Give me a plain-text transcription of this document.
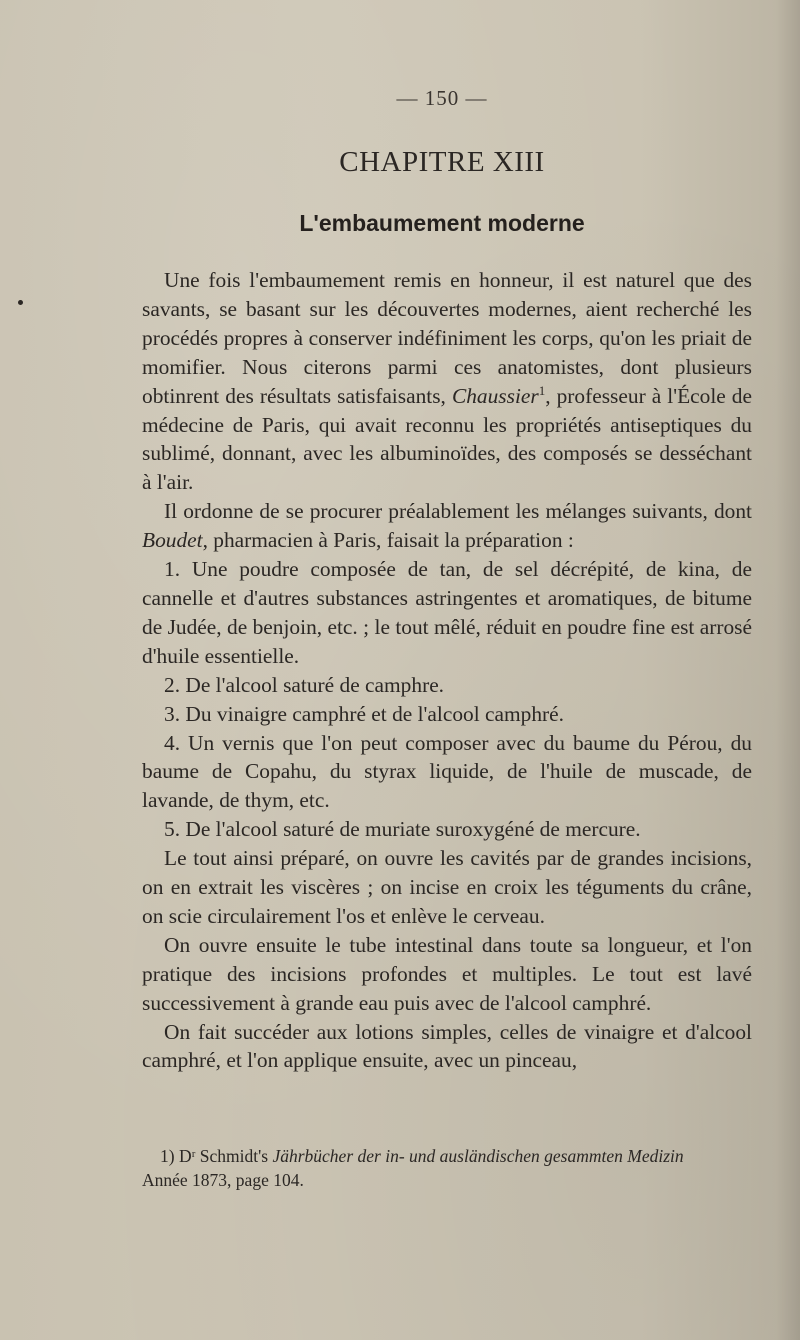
— 150 —
CHAPITRE XIII
L'embaumement moderne

Une fois l'embaumement remis en honneur, il est naturel que des savants, se basant sur les découvertes modernes, aient recherché les procédés propres à conserver indéfiniment les corps, qu'on les priait de momifier. Nous citerons parmi ces anatomistes, dont plusieurs obtinrent des résultats satisfaisants, Chaussier$^1$, professeur à l'École de médecine de Paris, qui avait reconnu les propriétés antiseptiques du sublimé, donnant, avec les albuminoïdes, des composés se desséchant à l'air.

Il ordonne de se procurer préalablement les mélanges suivants, dont Boudet, pharmacien à Paris, faisait la préparation :

1. Une poudre composée de tan, de sel décrépité, de kina, de cannelle et d'autres substances astringentes et aromatiques, de bitume de Judée, de benjoin, etc. ; le tout mêlé, réduit en poudre fine est arrosé d'huile essentielle.

2. De l'alcool saturé de camphre.

3. Du vinaigre camphré et de l'alcool camphré.

4. Un vernis que l'on peut composer avec du baume du Pérou, du baume de Copahu, du styrax liquide, de l'huile de muscade, de lavande, de thym, etc.

5. De l'alcool saturé de muriate suroxygéné de mercure.

Le tout ainsi préparé, on ouvre les cavités par de grandes incisions, on en extrait les viscères ; on incise en croix les téguments du crâne, on scie circulairement l'os et enlève le cerveau.

On ouvre ensuite le tube intestinal dans toute sa longueur, et l'on pratique des incisions profondes et multiples. Le tout est lavé successivement à grande eau puis avec de l'alcool camphré.

On fait succéder aux lotions simples, celles de vinaigre et d'alcool camphré, et l'on applique ensuite, avec un pinceau,

1) Dʳ Schmidt's Jährbücher der in- und ausländischen gesammten Medizin

Année 1873, page 104.
